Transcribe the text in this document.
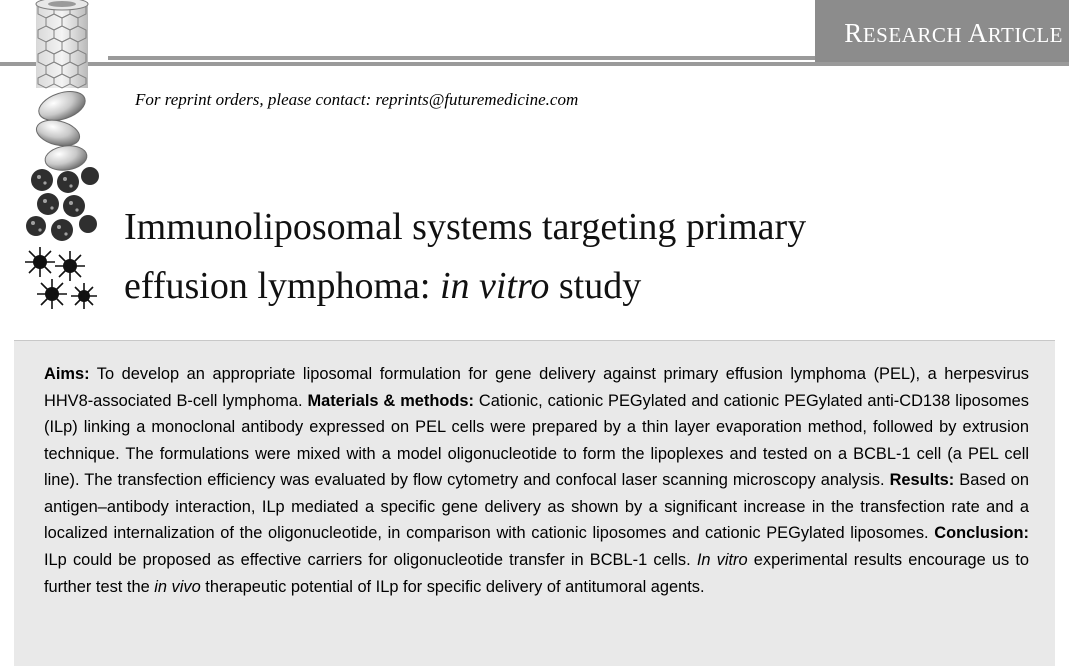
RESEARCH ARTICLE
For reprint orders, please contact: reprints@futuremedicine.com
Immunoliposomal systems targeting primary
effusion lymphoma: in vitro study
Aims: To develop an appropriate liposomal formulation for gene delivery against primary effusion lymphoma (PEL), a herpesvirus HHV8-associated B-cell lymphoma. Materials & methods: Cationic, cationic PEGylated and cationic PEGylated anti-CD138 liposomes (ILp) linking a monoclonal antibody expressed on PEL cells were prepared by a thin layer evaporation method, followed by extrusion technique. The formulations were mixed with a model oligonucleotide to form the lipoplexes and tested on a BCBL-1 cell (a PEL cell line). The transfection efficiency was evaluated by flow cytometry and confocal laser scanning microscopy analysis. Results: Based on antigen–antibody interaction, ILp mediated a specific gene delivery as shown by a significant increase in the transfection rate and a localized internalization of the oligonucleotide, in comparison with cationic liposomes and cationic PEGylated liposomes. Conclusion: ILp could be proposed as effective carriers for oligonucleotide transfer in BCBL-1 cells. In vitro experimental results encourage us to further test the in vivo therapeutic potential of ILp for specific delivery of antitumoral agents.
